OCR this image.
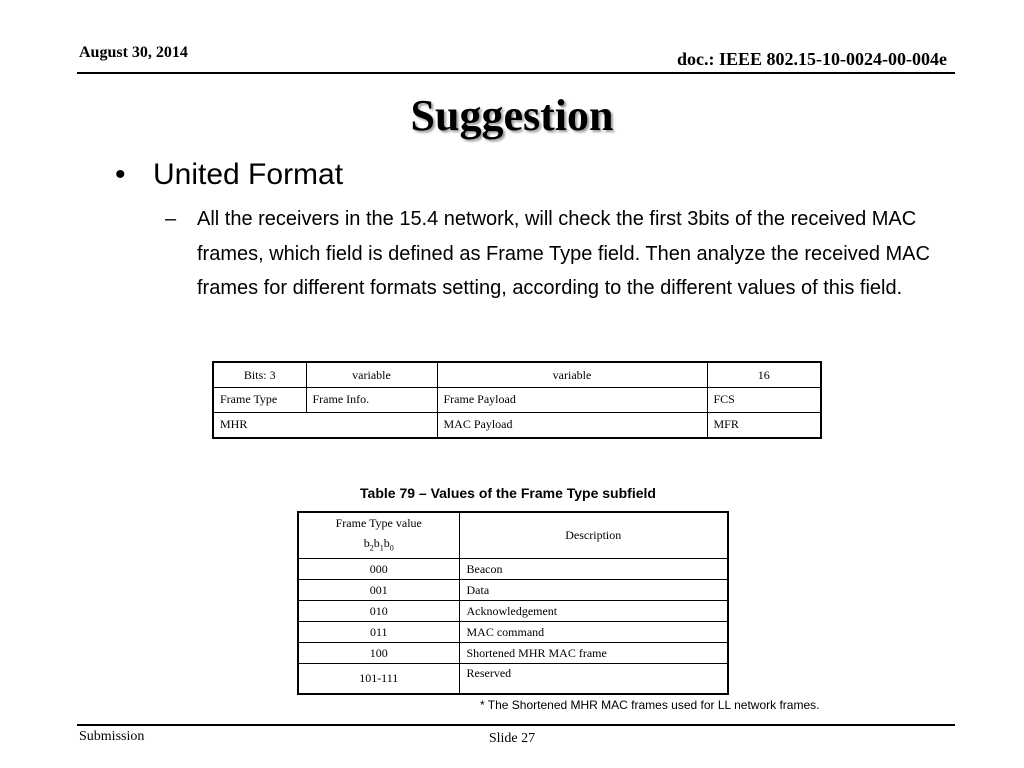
August 30, 2014	doc.: IEEE 802.15-10-0024-00-004e
Suggestion
• United Format
– All the receivers in the 15.4 network, will check the first 3bits of the received MAC frames, which field is defined as Frame Type field. Then analyze the received MAC frames for different formats setting, according to the different values of this field.
Bits: 3	variable	variable	16
Frame Type	Frame Info.	Frame Payload	FCS
MHR		MAC Payload	MFR
Table 79 – Values of the Frame Type subfield
Frame Type value
$b_2b_1b_0$	Description
000	Beacon
001	Data
010	Acknowledgement
011	MAC command
100	Shortened MHR MAC frame
101-111	Reserved
* The Shortened MHR MAC frames used for LL network frames.
Submission	Slide 27
